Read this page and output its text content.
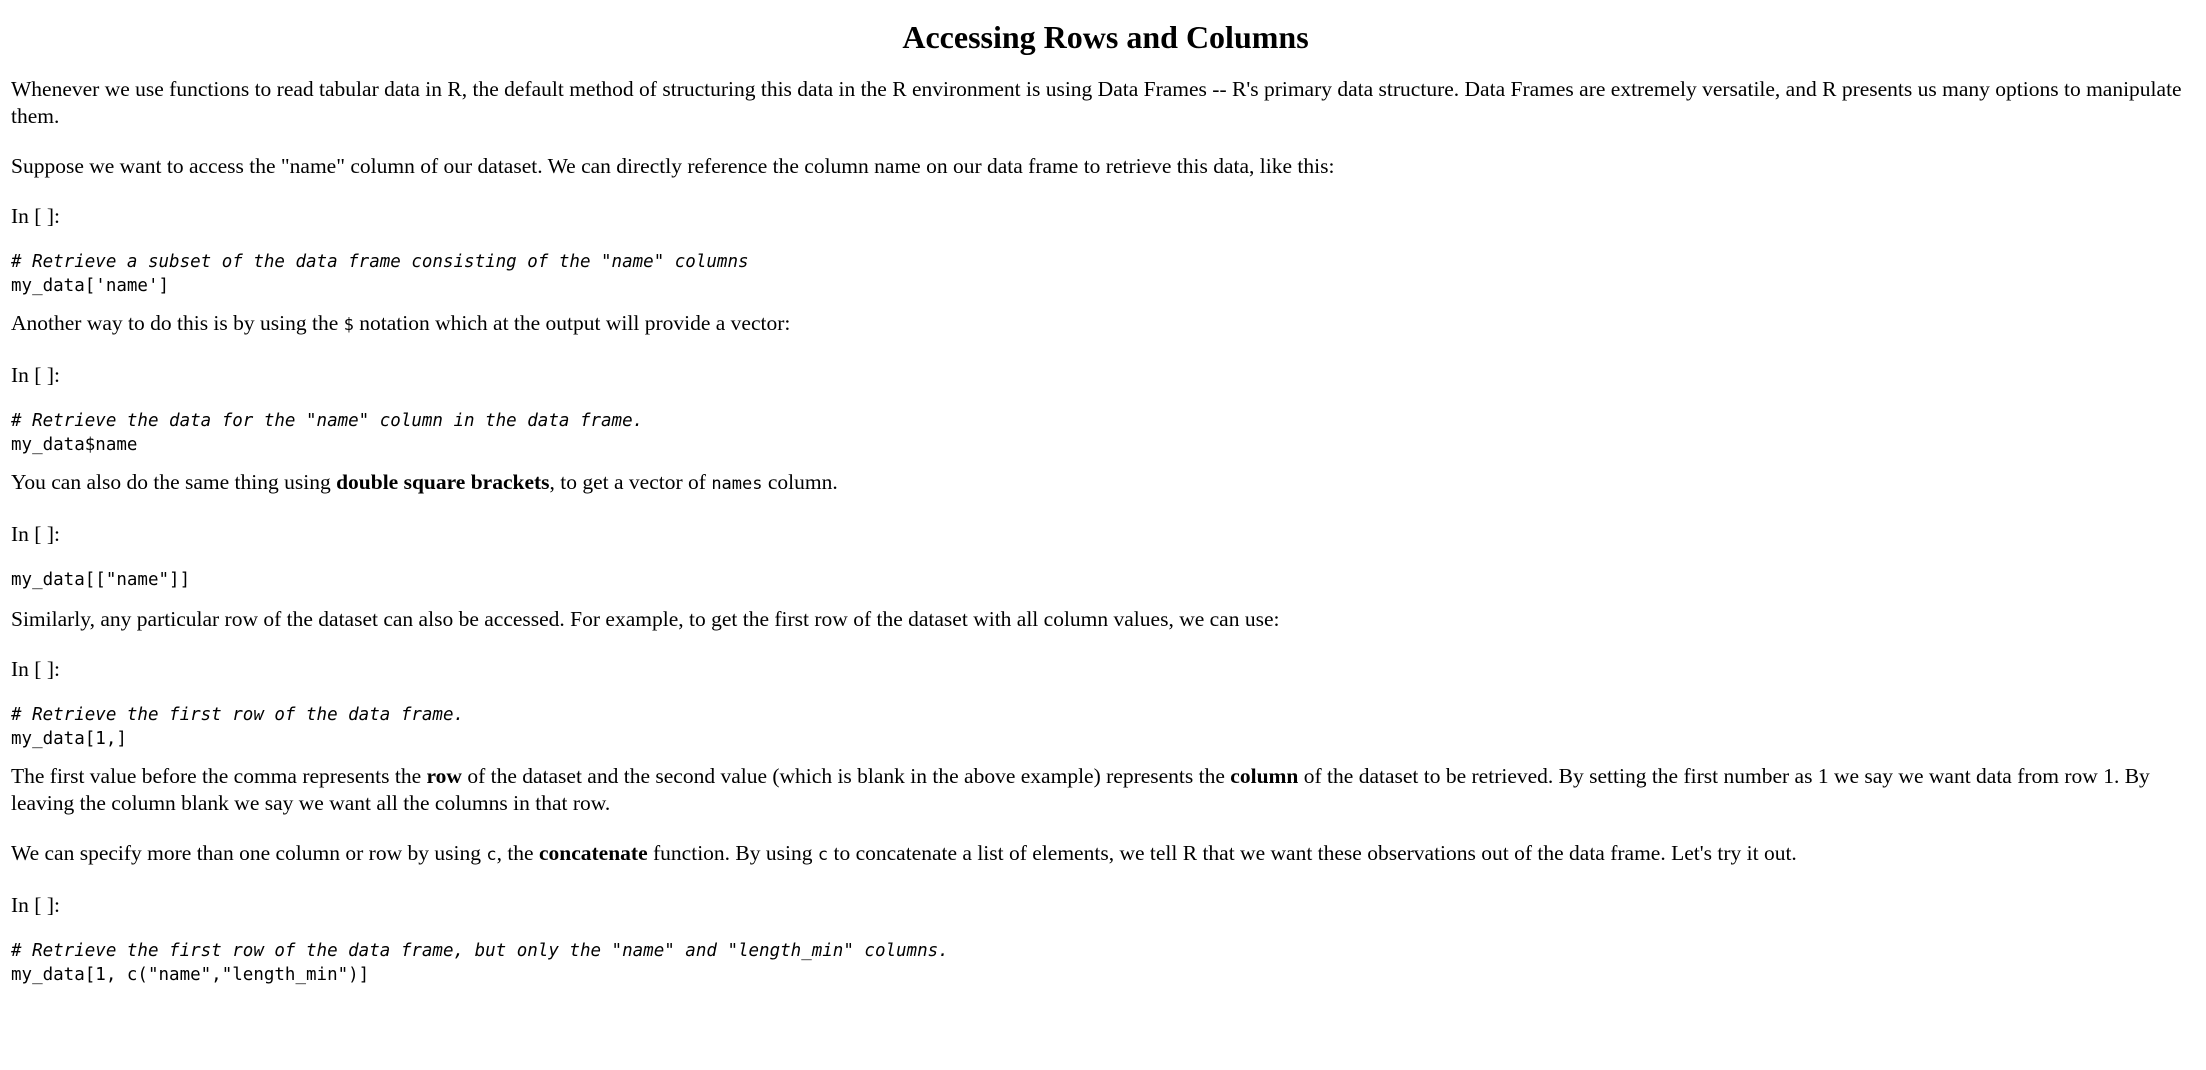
Accessing Rows and Columns

Whenever we use functions to read tabular data in R, the default method of structuring this data in the R environment is using Data Frames -- R's primary data structure. Data Frames are extremely versatile, and R presents us many options to manipulate them.

Suppose we want to access the "name" column of our dataset. We can directly reference the column name on our data frame to retrieve this data, like this:

In [ ]:
# Retrieve a subset of the data frame consisting of the "name" columns
my_data['name']

Another way to do this is by using the $ notation which at the output will provide a vector:

In [ ]:
# Retrieve the data for the "name" column in the data frame.
my_data$name

You can also do the same thing using double square brackets, to get a vector of names column.

In [ ]:
my_data[["name"]]

Similarly, any particular row of the dataset can also be accessed. For example, to get the first row of the dataset with all column values, we can use:

In [ ]:
# Retrieve the first row of the data frame.
my_data[1,]

The first value before the comma represents the row of the dataset and the second value (which is blank in the above example) represents the column of the dataset to be retrieved. By setting the first number as 1 we say we want data from row 1. By leaving the column blank we say we want all the columns in that row.

We can specify more than one column or row by using c, the concatenate function. By using c to concatenate a list of elements, we tell R that we want these observations out of the data frame. Let's try it out.

In [ ]:
# Retrieve the first row of the data frame, but only the "name" and "length_min" columns.
my_data[1, c("name","length_min")]
